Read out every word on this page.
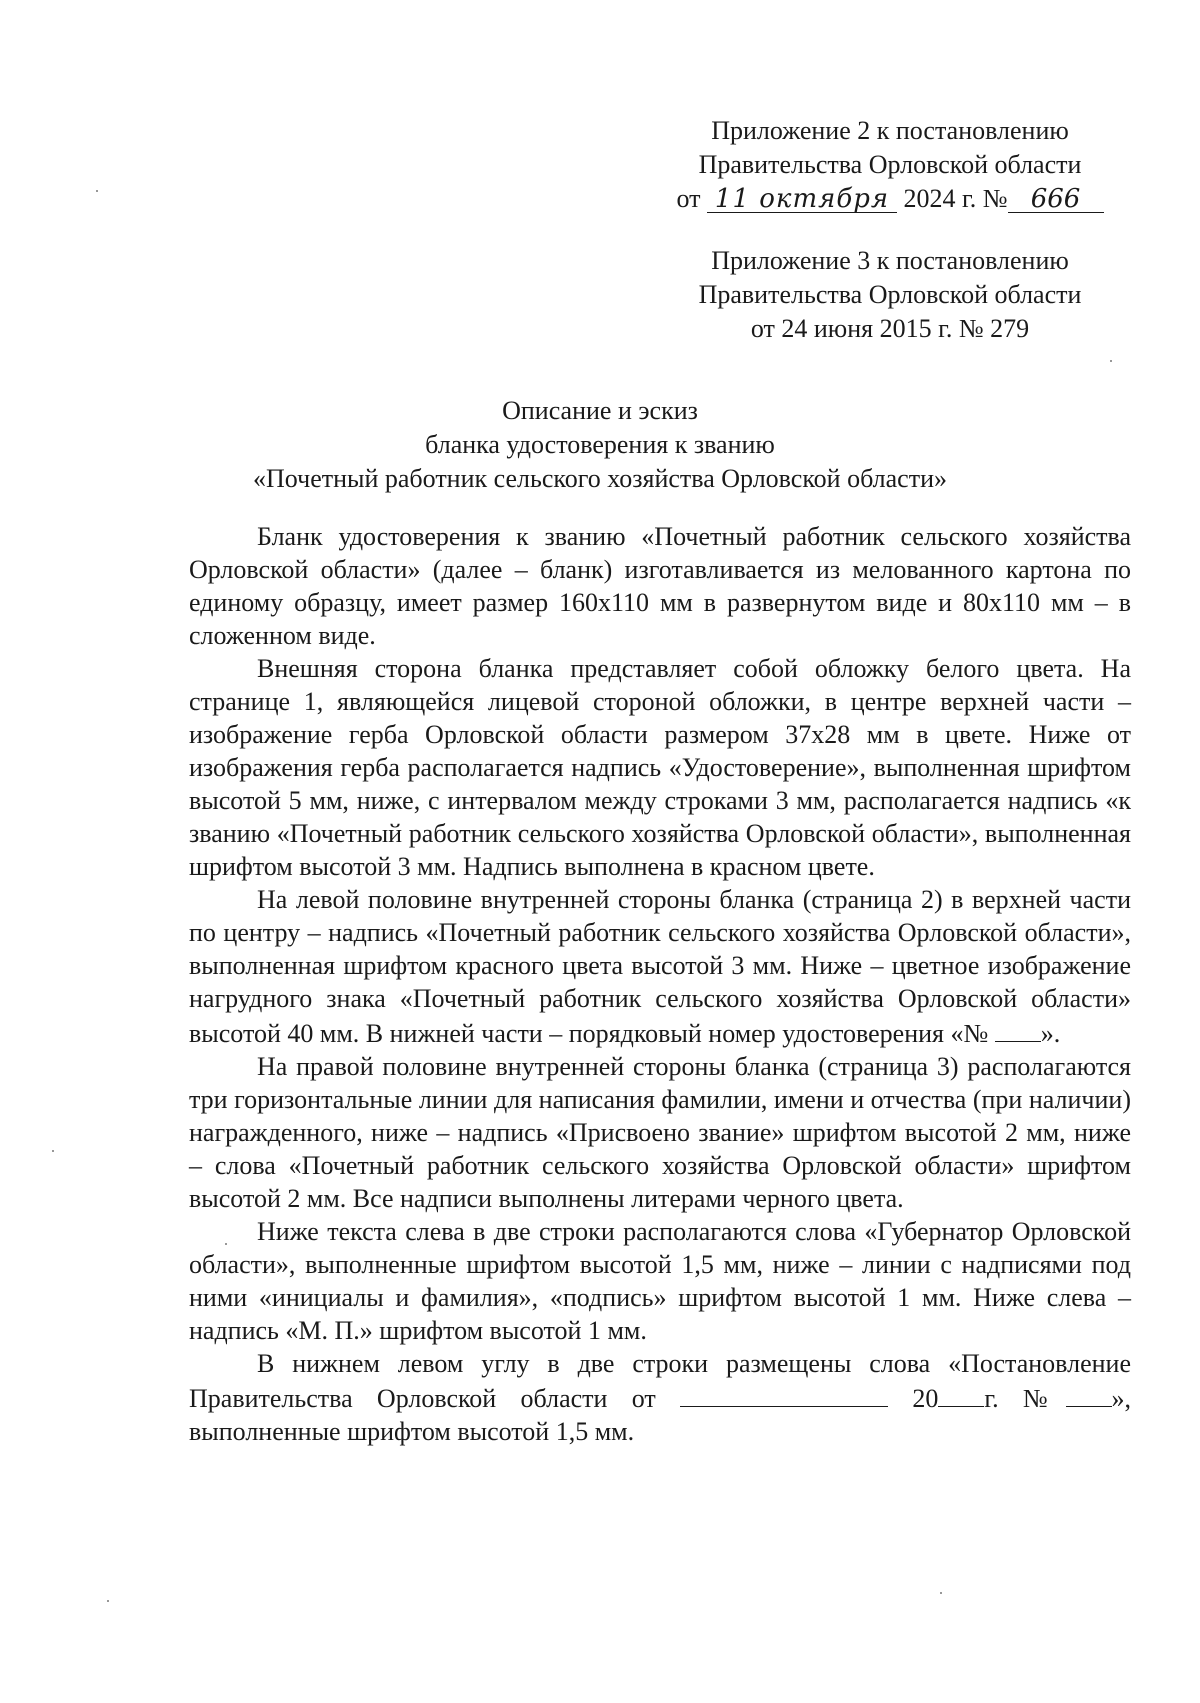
Приложение 2 к постановлению
Правительства Орловской области
от 11 октября 2024 г. № 666
Приложение 3 к постановлению
Правительства Орловской области
от 24 июня 2015 г. № 279
Описание и эскиз
бланка удостоверения к званию
«Почетный работник сельского хозяйства Орловской области»

Бланк удостоверения к званию «Почетный работник сельского хозяйства Орловской области» (далее – бланк) изготавливается из мелованного картона по единому образцу, имеет размер 160х110 мм в развернутом виде и 80х110 мм – в сложенном виде.

Внешняя сторона бланка представляет собой обложку белого цвета. На странице 1, являющейся лицевой стороной обложки, в центре верхней части – изображение герба Орловской области размером 37х28 мм в цвете. Ниже от изображения герба располагается надпись «Удостоверение», выполненная шрифтом высотой 5 мм, ниже, с интервалом между строками 3 мм, располагается надпись «к званию «Почетный работник сельского хозяйства Орловской области», выполненная шрифтом высотой 3 мм. Надпись выполнена в красном цвете.

На левой половине внутренней стороны бланка (страница 2) в верхней части по центру – надпись «Почетный работник сельского хозяйства Орловской области», выполненная шрифтом красного цвета высотой 3 мм. Ниже – цветное изображение нагрудного знака «Почетный работник сельского хозяйства Орловской области» высотой 40 мм. В нижней части – порядковый номер удостоверения «№ ».

На правой половине внутренней стороны бланка (страница 3) располагаются три горизонтальные линии для написания фамилии, имени и отчества (при наличии) награжденного, ниже – надпись «Присвоено звание» шрифтом высотой 2 мм, ниже – слова «Почетный работник сельского хозяйства Орловской области» шрифтом высотой 2 мм. Все надписи выполнены литерами черного цвета.

Ниже текста слева в две строки располагаются слова «Губернатор Орловской области», выполненные шрифтом высотой 1,5 мм, ниже – линии с надписями под ними «инициалы и фамилия», «подпись» шрифтом высотой 1 мм. Ниже слева – надпись «М. П.» шрифтом высотой 1 мм.

В нижнем левом углу в две строки размещены слова «Постановление Правительства Орловской области от	20 г. № », выполненные шрифтом высотой 1,5 мм.
